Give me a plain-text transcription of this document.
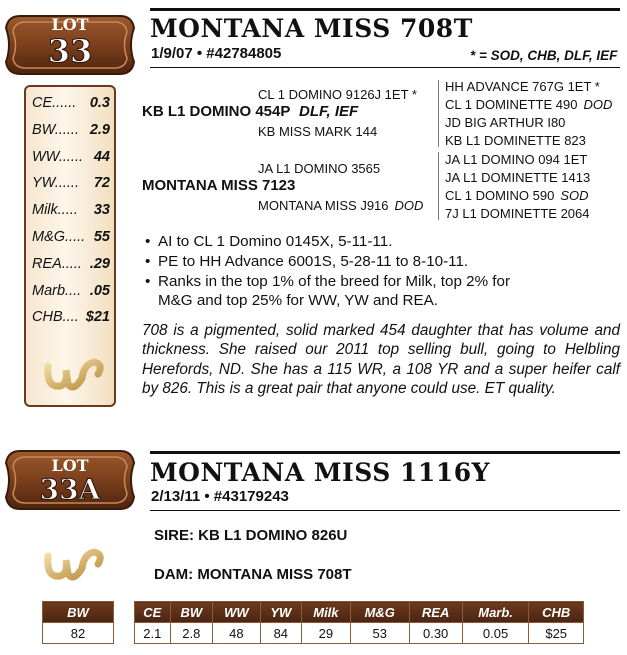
LOT
33
CE...... 0.3
BW...... 2.9
WW...... 44
YW...... 72
Milk..... 33
M&G..... 55
REA..... .29
Marb.... .05
CHB.... $21
MONTANA MISS 708T
1/9/07 • #42784805	* = SOD, CHB, DLF, IEF
CL 1 DOMINO 9126J 1ET *
KB L1 DOMINO 454P DLF, IEF
KB MISS MARK 144
HH ADVANCE 767G 1ET *
CL 1 DOMINETTE 490 DOD
JD BIG ARTHUR I80
KB L1 DOMINETTE 823
JA L1 DOMINO 3565
MONTANA MISS 7123
MONTANA MISS J916 DOD
JA L1 DOMINO 094 1ET
JA L1 DOMINETTE 1413
CL 1 DOMINO 590 SOD
7J L1 DOMINETTE 2064
• AI to CL 1 Domino 0145X, 5-11-11.
• PE to HH Advance 6001S, 5-28-11 to 8-10-11.
• Ranks in the top 1% of the breed for Milk, top 2% for
M&G and top 25% for WW, YW and REA.
708 is a pigmented, solid marked 454 daughter that has volume and thickness. She raised our 2011 top selling bull, going to Helbling Herefords, ND. She has a 115 WR, a 108 YR and a super heifer calf by 826. This is a great pair that anyone could use. ET quality.
LOT
33A
MONTANA MISS 1116Y
2/13/11 • #43179243
SIRE: KB L1 DOMINO 826U
DAM: MONTANA MISS 708T
BW
82
CE	BW	WW	YW	Milk	M&G	REA	Marb.	CHB
2.1	2.8	48	84	29	53	0.30	0.05	$25
